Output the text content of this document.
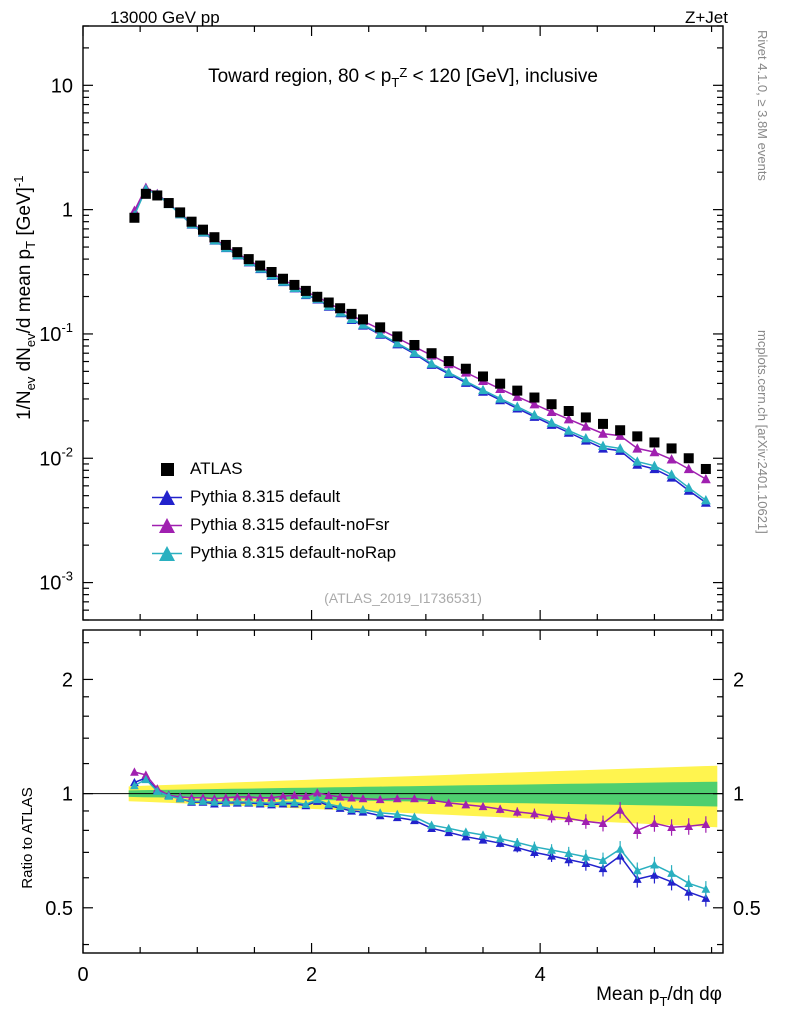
13000 GeV pp	Z+Jet
Rivet 4.1.0, ≥ 3.8M events
mcplots.cern.ch [arXiv:2401.10621]
10
1
$10^{-1}$
$10^{-2}$
$10^{-3}$
2	2
1	1
0.5	0.5
0	2	4
Toward region, $80 < p_T^Z < 120$ [GeV], inclusive
$1/N_{ev}$ $dN_{ev}/d$ mean $p_T$ [GeV]$^{-1}$
Ratio to ATLAS
Mean $p_T/d\eta$ dφ
(ATLAS_2019_I1736531)
ATLAS
Pythia 8.315 default
Pythia 8.315 default-noFsr
Pythia 8.315 default-noRap
